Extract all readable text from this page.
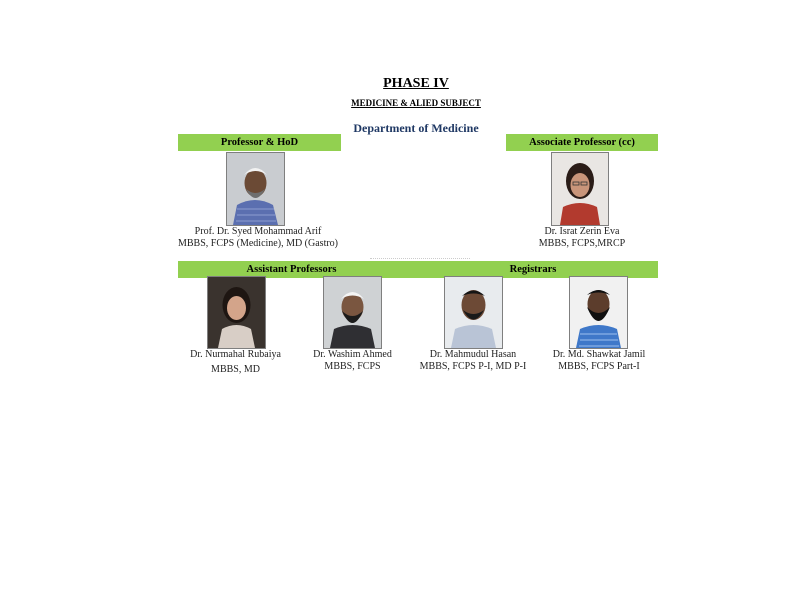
PHASE IV
MEDICINE & ALIED SUBJECT
Department of Medicine
Professor & HoD	Associate Professor (cc)
Prof. Dr. Syed Mohammad Arif
MBBS, FCPS (Medicine), MD (Gastro)
Dr. Israt Zerin Eva
MBBS, FCPS,MRCP
Assistant Professors	Registrars
Dr. Nurmahal Rubaiya
MBBS, MD
Dr. Washim Ahmed
MBBS, FCPS
Dr. Mahmudul Hasan
MBBS, FCPS P-I, MD P-I
Dr. Md. Shawkat Jamil
MBBS, FCPS Part-I
